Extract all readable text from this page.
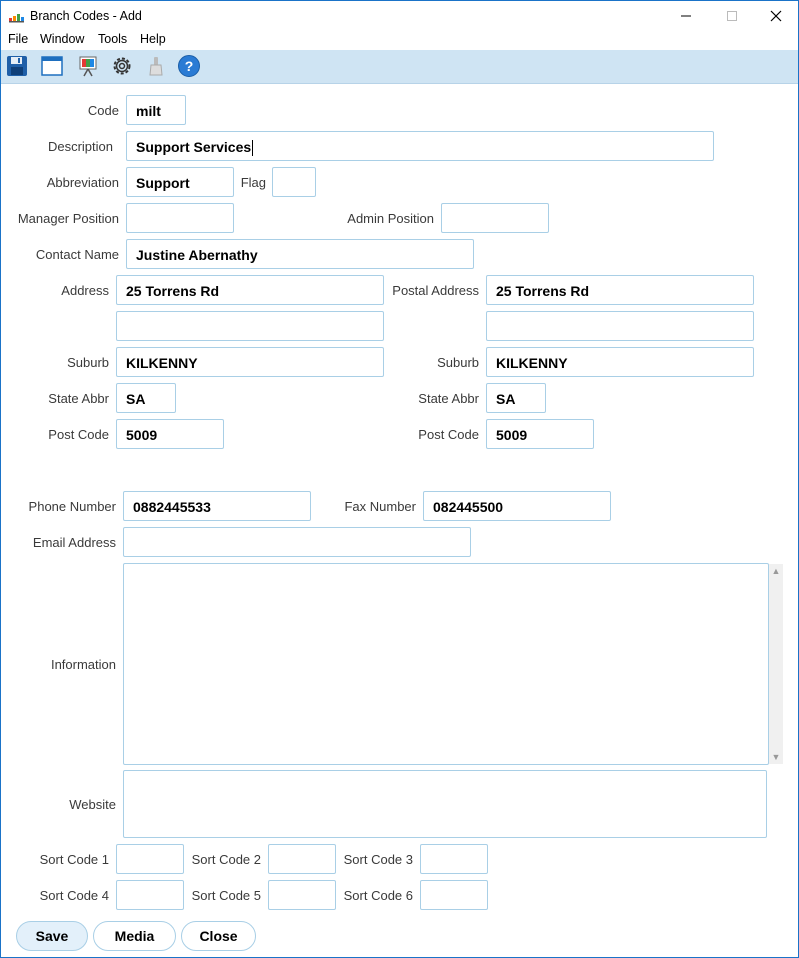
Branch Codes - Add
File Window Tools Help
?
Code	milt
Description	Support Services
Abbreviation	Support	Flag
Manager Position	Admin Position
Contact Name	Justine Abernathy
Address	25 Torrens Rd	Postal Address	25 Torrens Rd
Suburb	KILKENNY	Suburb	KILKENNY
State Abbr	SA	State Abbr	SA
Post Code	5009	Post Code	5009
Phone Number	0882445533	Fax Number	082445500
Email Address
Information
▲
▼
Website
Sort Code 1	Sort Code 2	Sort Code 3
Sort Code 4	Sort Code 5	Sort Code 6
Save	Media	Close
